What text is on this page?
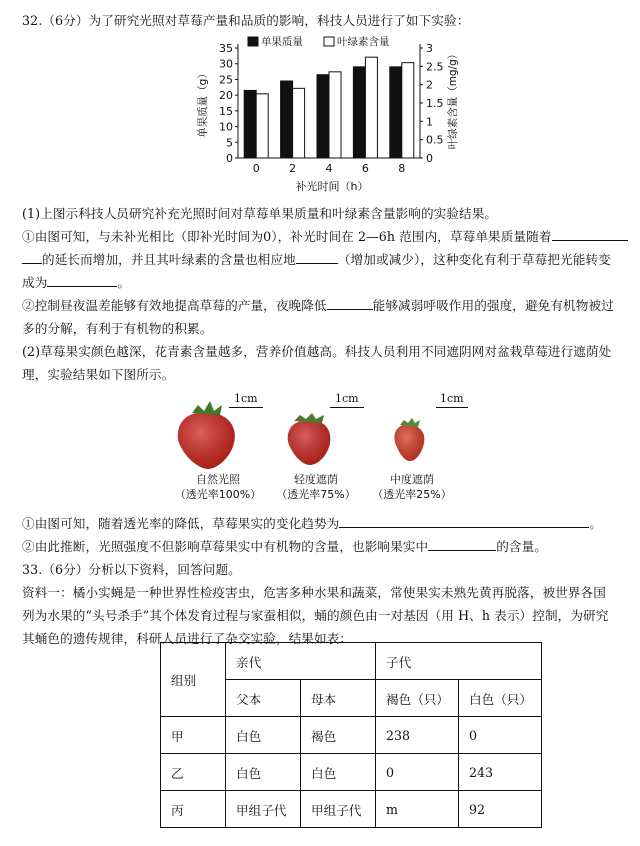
32.（6分）为了研究光照对草莓产量和品质的影响，科技人员进行了如下实验：
0
5
10
15
20
25
30
35
0
0.5
1
1.5
2
2.5
3
0	2	4	6	8
补光时间（h）
单果质量（g）	叶绿素含量（mg/g）
单果质量	叶绿素含量
(1)上图示科技人员研究补充光照时间对草莓单果质量和叶绿素含量影响的实验结果。
①由图可知，与未补光相比（即补光时间为0），补光时间在 2—6h 范围内，草莓单果质量随着
的延长而增加，并且其叶绿素的含量也相应地	（增加或减少），这种变化有利于草莓把光能转变
成为	。
②控制昼夜温差能够有效地提高草莓的产量，夜晚降低	能够减弱呼吸作用的强度，避免有机物被过
多的分解，有利于有机物的积累。
(2)草莓果实颜色越深，花青素含量越多，营养价值越高。科技人员利用不同遮阴网对盆栽草莓进行遮荫处
理，实验结果如下图所示。
1cm	1cm	1cm
自然光照
（透光率100%）
轻度遮荫
（透光率75%）
中度遮荫
（透光率25%）
①由图可知，随着透光率的降低，草莓果实的变化趋势为	。
②由此推断，光照强度不但影响草莓果实中有机物的含量，也影响果实中	的含量。
33.（6分）分析以下资料，回答问题。
资料一：橘小实蝇是一种世界性检疫害虫，危害多种水果和蔬菜，常使果实未熟先黄再脱落，被世界各国
列为水果的“头号杀手”其个体发育过程与家蚕相似，蛹的颜色由一对基因（用 H、h 表示）控制，为研究
其蛹色的遗传规律，科研人员进行了杂交实验，结果如表：
组别	亲代		子代	
	父本	母本	褐色（只）	白色（只）
甲	白色	褐色	238	0
乙	白色	白色	0	243
丙	甲组子代	甲组子代	m	92
